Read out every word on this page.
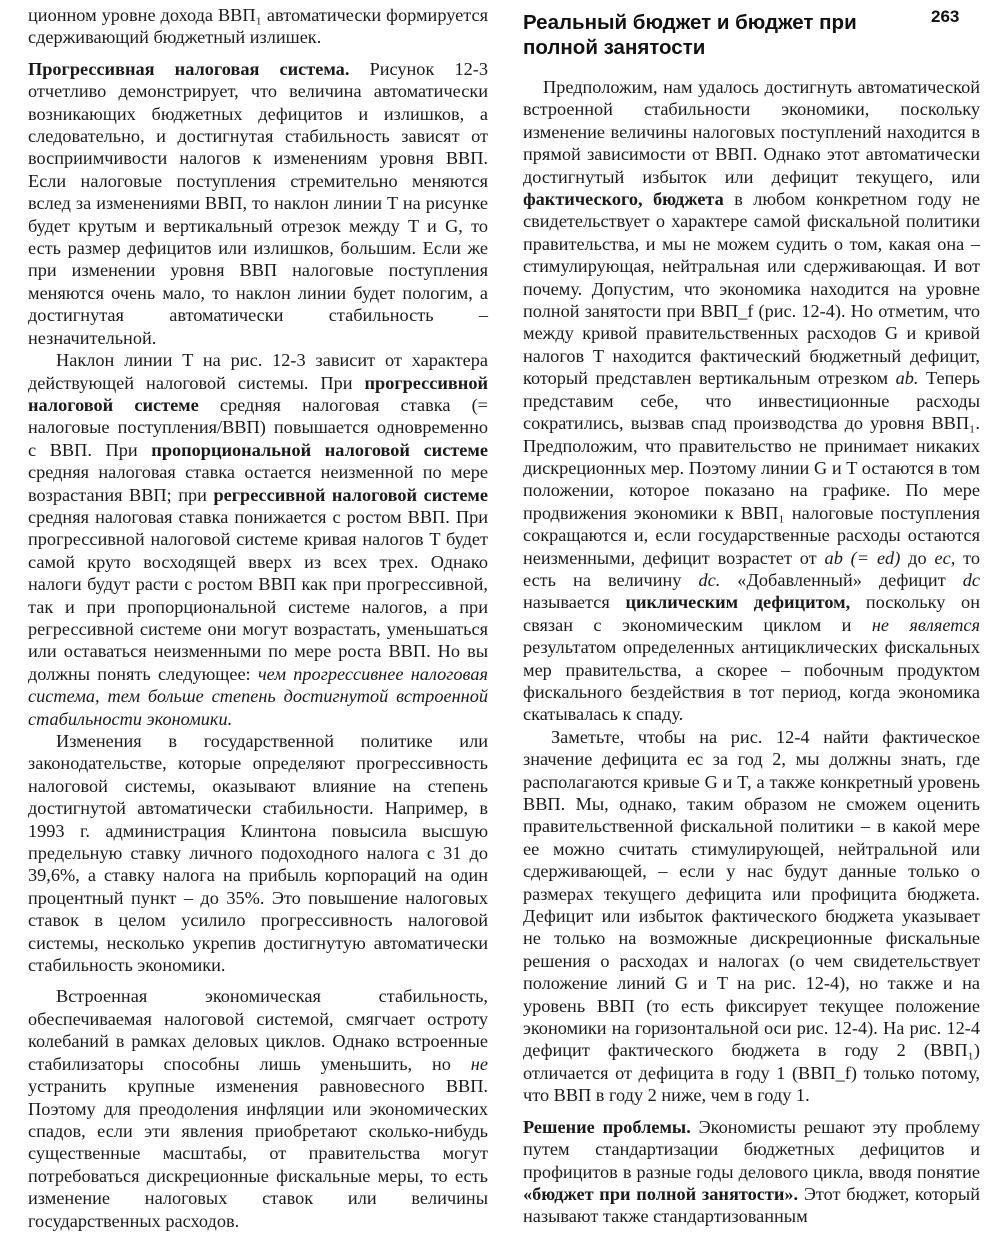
ционном уровне дохода ВВП₁ автоматически формируется сдерживающий бюджетный излишек.

Прогрессивная налоговая система. Рисунок 12-3 отчетливо демонстрирует, что величина автоматически возникающих бюджетных дефицитов и излишков, а следовательно, и достигнутая стабильность зависят от восприимчивости налогов к изменениям уровня ВВП. Если налоговые поступления стремительно меняются вслед за изменениями ВВП, то наклон линии T на рисунке будет крутым и вертикальный отрезок между T и G, то есть размер дефицитов или излишков, большим. Если же при изменении уровня ВВП налоговые поступления меняются очень мало, то наклон линии будет пологим, а достигнутая автоматически стабильность – незначительной.

Наклон линии T на рис. 12-3 зависит от характера действующей налоговой системы. При прогрессивной налоговой системе средняя налоговая ставка (= налоговые поступления/ВВП) повышается одновременно с ВВП. При пропорциональной налоговой системе средняя налоговая ставка остается неизменной по мере возрастания ВВП; при регрессивной налоговой системе средняя налоговая ставка понижается с ростом ВВП. При прогрессивной налоговой системе кривая налогов T будет самой круто восходящей вверх из всех трех. Однако налоги будут расти с ростом ВВП как при прогрессивной, так и при пропорциональной системе налогов, а при регрессивной системе они могут возрастать, уменьшаться или оставаться неизменными по мере роста ВВП. Но вы должны понять следующее: чем прогрессивнее налоговая система, тем больше степень достигнутой встроенной стабильности экономики.

Изменения в государственной политике или законодательстве, которые определяют прогрессивность налоговой системы, оказывают влияние на степень достигнутой автоматически стабильности. Например, в 1993 г. администрация Клинтона повысила высшую предельную ставку личного подоходного налога с 31 до 39,6%, а ставку налога на прибыль корпораций на один процентный пункт – до 35%. Это повышение налоговых ставок в целом усилило прогрессивность налоговой системы, несколько укрепив достигнутую автоматически стабильность экономики.

Встроенная экономическая стабильность, обеспечиваемая налоговой системой, смягчает остроту колебаний в рамках деловых циклов. Однако встроенные стабилизаторы способны лишь уменьшить, но не устранить крупные изменения равновесного ВВП. Поэтому для преодоления инфляции или экономических спадов, если эти явления приобретают сколько-нибудь существенные масштабы, от правительства могут потребоваться дискреционные фискальные меры, то есть изменение налоговых ставок или величины государственных расходов.

Реальный бюджет и бюджет при полной занятости
263

Предположим, нам удалось достигнуть автоматической встроенной стабильности экономики, поскольку изменение величины налоговых поступлений находится в прямой зависимости от ВВП. Однако этот автоматически достигнутый избыток или дефицит текущего, или фактического, бюджета в любом конкретном году не свидетельствует о характере самой фискальной политики правительства, и мы не можем судить о том, какая она – стимулирующая, нейтральная или сдерживающая. И вот почему. Допустим, что экономика находится на уровне полной занятости при ВВП_f (рис. 12-4). Но отметим, что между кривой правительственных расходов G и кривой налогов T находится фактический бюджетный дефицит, который представлен вертикальным отрезком ab. Теперь представим себе, что инвестиционные расходы сократились, вызвав спад производства до уровня ВВП₁. Предположим, что правительство не принимает никаких дискреционных мер. Поэтому линии G и T остаются в том положении, которое показано на графике. По мере продвижения экономики к ВВП₁ налоговые поступления сокращаются и, если государственные расходы остаются неизменными, дефицит возрастет от ab (= ed) до ec, то есть на величину dc. «Добавленный» дефицит dc называется циклическим дефицитом, поскольку он связан с экономическим циклом и не является результатом определенных антициклических фискальных мер правительства, а скорее – побочным продуктом фискального бездействия в тот период, когда экономика скатывалась к спаду.

Заметьте, чтобы на рис. 12-4 найти фактическое значение дефицита ec за год 2, мы должны знать, где располагаются кривые G и T, а также конкретный уровень ВВП. Мы, однако, таким образом не сможем оценить правительственной фискальной политики – в какой мере ее можно считать стимулирующей, нейтральной или сдерживающей, – если у нас будут данные только о размерах текущего дефицита или профицита бюджета. Дефицит или избыток фактического бюджета указывает не только на возможные дискреционные фискальные решения о расходах и налогах (о чем свидетельствует положение линий G и T на рис. 12-4), но также и на уровень ВВП (то есть фиксирует текущее положение экономики на горизонтальной оси рис. 12-4). На рис. 12-4 дефицит фактического бюджета в году 2 (ВВП₁) отличается от дефицита в году 1 (ВВП_f) только потому, что ВВП в году 2 ниже, чем в году 1.

Решение проблемы. Экономисты решают эту проблему путем стандартизации бюджетных дефицитов и профицитов в разные годы делового цикла, вводя понятие «бюджет при полной занятости». Этот бюджет, который называют также стандартизованным
